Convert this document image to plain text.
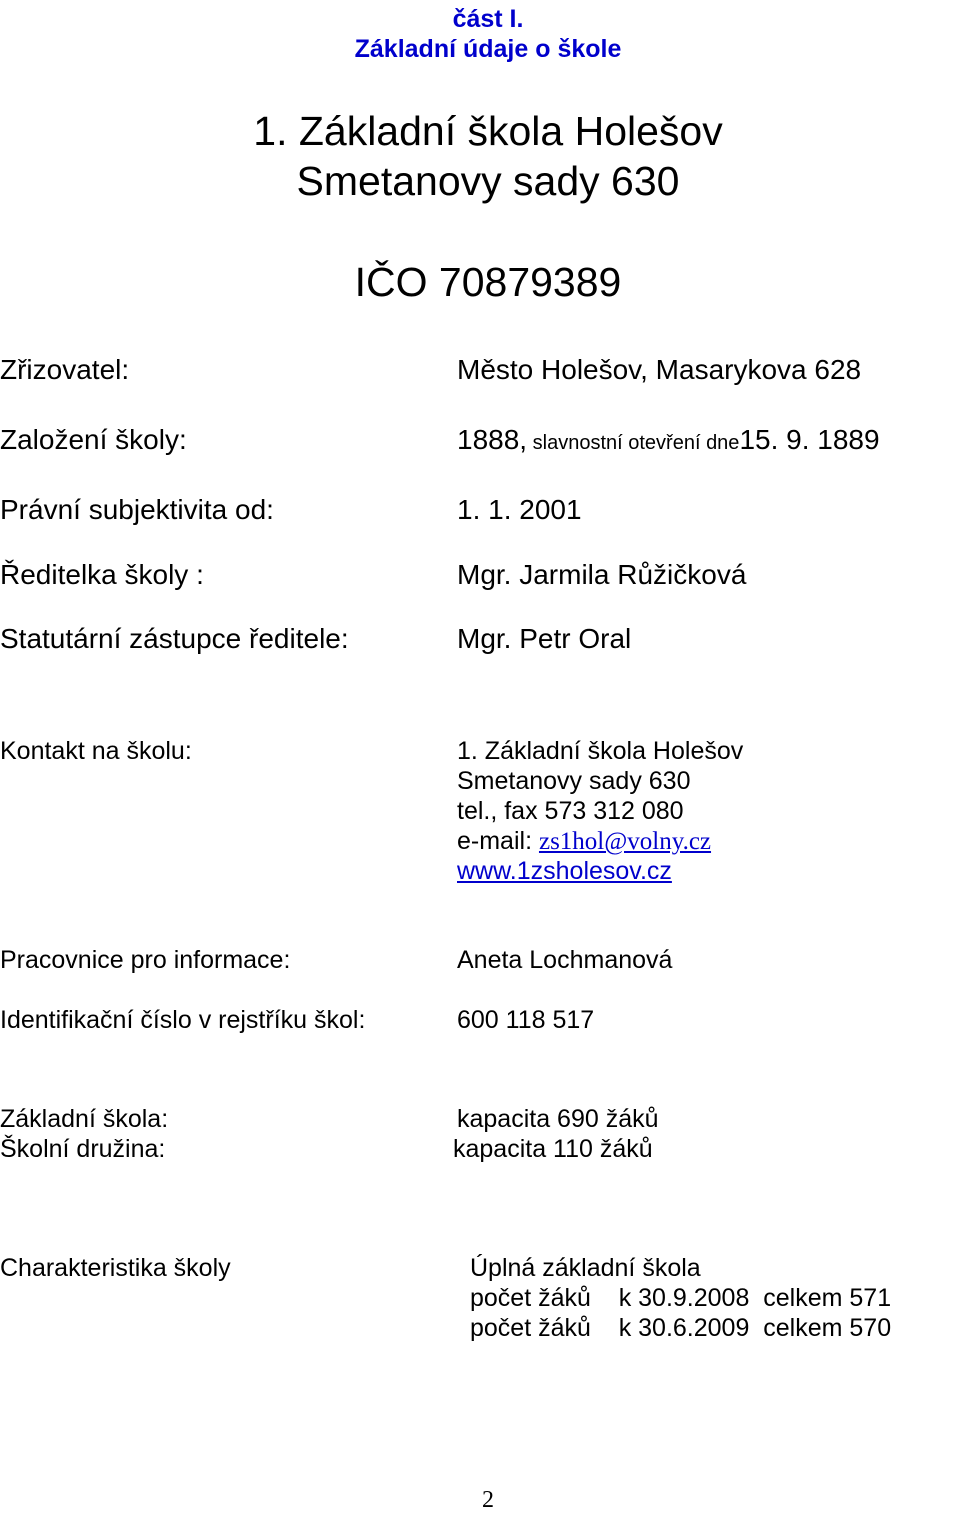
část I.
Základní údaje o škole
1. Základní škola Holešov
Smetanovy sady 630
IČO 70879389
Zřizovatel:	Město Holešov, Masarykova 628
Založení školy:	1888, slavnostní otevření dne15. 9. 1889
Právní subjektivita od:	1. 1. 2001
Ředitelka školy :	Mgr. Jarmila Růžičková
Statutární zástupce ředitele:	Mgr. Petr Oral
Kontakt na školu:	1. Základní škola Holešov
Smetanovy sady 630
tel., fax 573 312 080
e-mail: zs1hol@volny.cz
www.1zsholesov.cz
Pracovnice pro informace:	Aneta Lochmanová
Identifikační číslo v rejstříku škol:	600 118 517
Základní škola:	kapacita 690 žáků
Školní družina:	kapacita 110 žáků
Charakteristika školy	Úplná základní škola
počet žáků    k 30.9.2008  celkem 571
počet žáků    k 30.6.2009  celkem 570
2
